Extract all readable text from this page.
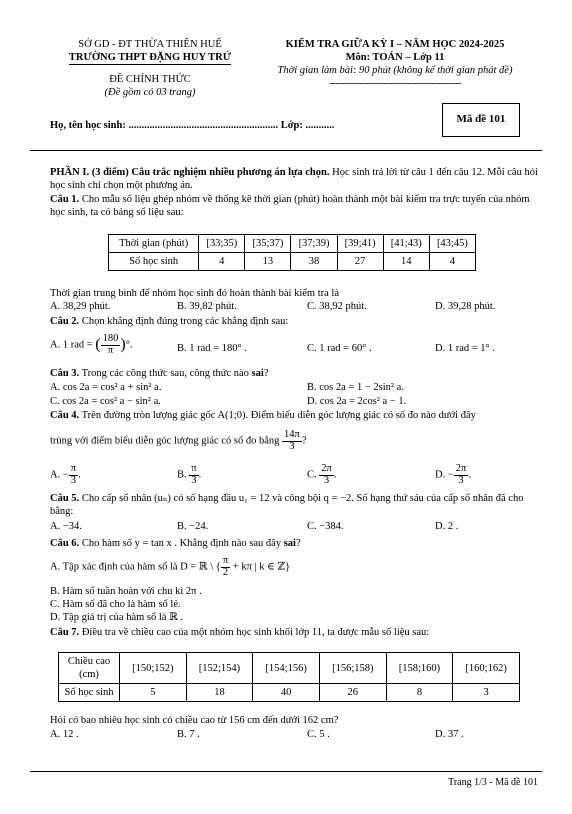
SỞ GD - ĐT THỪA THIÊN HUẾ
TRƯỜNG THPT ĐẶNG HUY TRỨ
ĐỀ CHÍNH THỨC
(Đề gồm có 03 trang)
KIỂM TRA GIỮA KỲ I – NĂM HỌC 2024-2025
Môn: TOÁN – Lớp 11
Thời gian làm bài: 90 phút (không kể thời gian phát đề)
--------------------------------------------
Họ, tên học sinh: ......................................................... Lớp: ...........
Mã đề 101
PHẦN I. (3 điểm) Câu trắc nghiệm nhiều phương án lựa chọn. Học sinh trả lời từ câu 1 đến câu 12. Mỗi câu hỏi học sinh chỉ chọn một phương án.
Câu 1. Cho mẫu số liệu ghép nhóm về thống kê thời gian (phút) hoàn thành một bài kiểm tra trực tuyến của nhóm học sinh, ta có bảng số liệu sau:
Thời gian (phút)	[33;35)	[35;37)	[37;39)	[39;41)	[41;43)	[43;45)
Số học sinh	4	13	38	27	14	4
Thời gian trung bình để nhóm học sinh đó hoàn thành bài kiểm tra là
A. 38,29 phút.	B. 39,82 phút.	C. 38,92 phút.	D. 39,28 phút.
Câu 2. Chọn khẳng định đúng trong các khẳng định sau:
A. 1 rad = ( $\frac{180}{\pi}$ )°.	B. 1 rad = 180° .	C. 1 rad = 60° .	D. 1 rad = 1° .
Câu 3. Trong các công thức sau, công thức nào sai?
A. cos 2a = cos² a + sin² a.	B. cos 2a = 1 − 2sin² a.
C. cos 2a = cos² a − sin² a.	D. cos 2a = 2cos² a − 1.
Câu 4. Trên đường tròn lượng giác gốc A(1;0). Điểm biểu diễn góc lượng giác có số đo nào dưới đây
trùng với điểm biểu diễn góc lượng giác có số đo bằng $\frac{14\pi}{3}$ ?
A. − $\frac{\pi}{3}$ .	B. $\frac{\pi}{3}$ .	C. $\frac{2\pi}{3}$ .	D. − $\frac{2\pi}{3}$ .
Câu 5. Cho cấp số nhân (uₙ) có số hạng đầu u₁ = 12 và công bội q = −2. Số hạng thứ sáu của cấp số nhân đã cho bằng:
A. −34.	B. −24.	C. −384.	D. 2 .
Câu 6. Cho hàm số y = tan x . Khẳng định nào sau đây sai?
A. Tập xác định của hàm số là D = ℝ \ { $\frac{\pi}{2} + k\pi$ | k ∈ ℤ}
B. Hàm số tuần hoàn với chu kì 2π .
C. Hàm số đã cho là hàm số lẻ.
D. Tập giá trị của hàm số là ℝ .
Câu 7. Điều tra về chiều cao của một nhóm học sinh khối lớp 11, ta được mẫu số liệu sau:
Chiều cao (cm)	[150;152)	[152;154)	[154;156)	[156;158)	[158;160)	[160;162)
Số học sinh	5	18	40	26	8	3
Hỏi có bao nhiêu học sinh có chiều cao từ 156 cm đến dưới 162 cm?
A. 12 .	B. 7 .	C. 5 .	D. 37 .
Trang 1/3 - Mã đề 101
